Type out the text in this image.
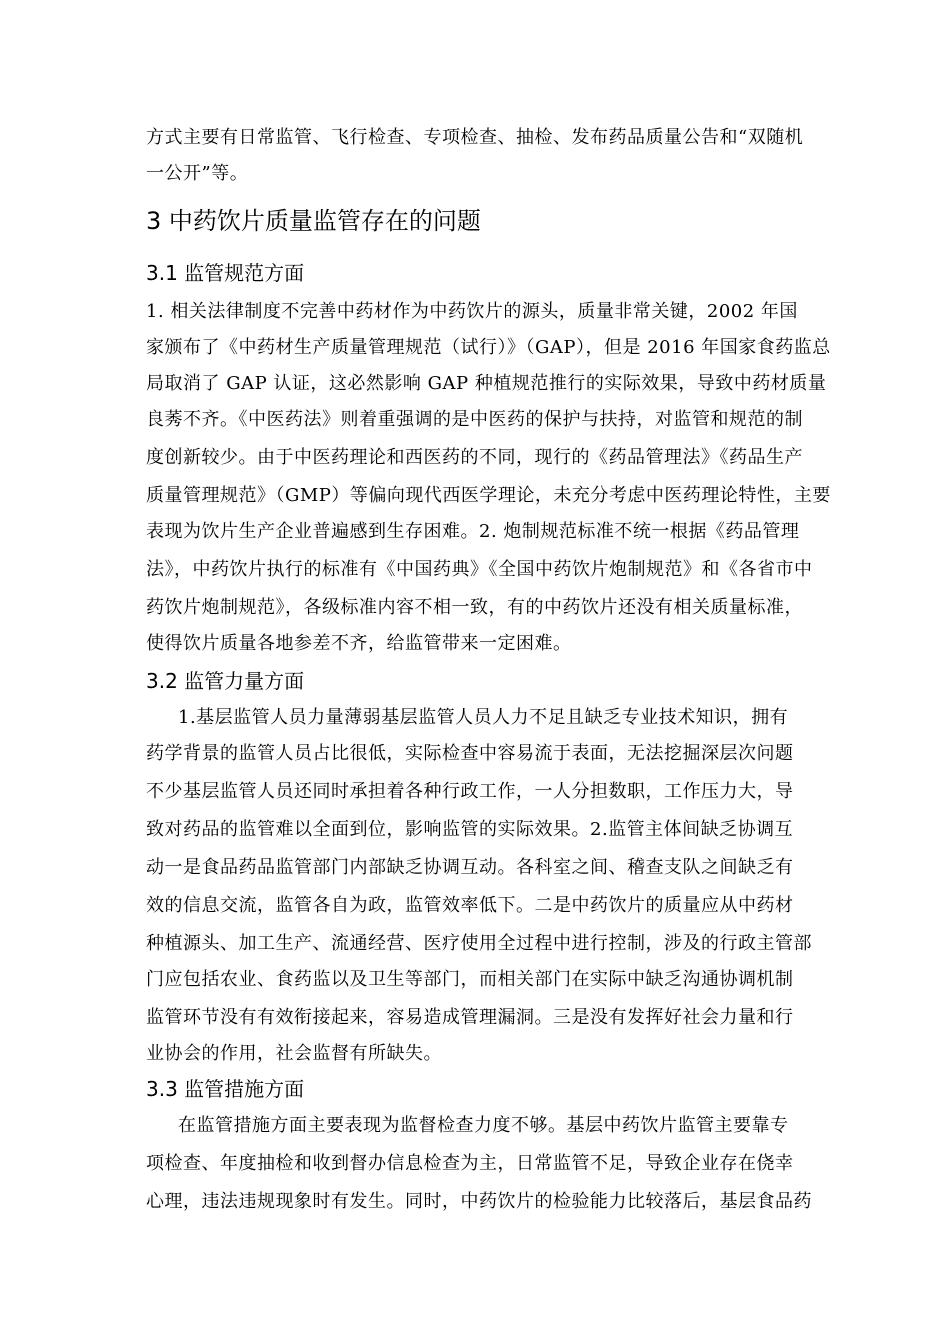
方式主要有日常监管、飞行检查、专项检查、抽检、发布药品质量公告和“双随机
一公开”等。
3 中药饮片质量监管存在的问题
3.1 监管规范方面
1. 相关法律制度不完善中药材作为中药饮片的源头，质量非常关键，2002 年国
家颁布了《中药材生产质量管理规范（试行）》（GAP），但是 2016 年国家食药监总
局取消了 GAP 认证，这必然影响 GAP 种植规范推行的实际效果，导致中药材质量
良莠不齐。《中医药法》则着重强调的是中医药的保护与扶持，对监管和规范的制
度创新较少。由于中医药理论和西医药的不同，现行的《药品管理法》《药品生产
质量管理规范》（GMP）等偏向现代西医学理论，未充分考虑中医药理论特性，主要
表现为饮片生产企业普遍感到生存困难。2. 炮制规范标准不统一根据《药品管理
法》，中药饮片执行的标准有《中国药典》《全国中药饮片炮制规范》和《各省市中
药饮片炮制规范》，各级标准内容不相一致，有的中药饮片还没有相关质量标准，
使得饮片质量各地参差不齐，给监管带来一定困难。
3.2 监管力量方面
1.基层监管人员力量薄弱基层监管人员人力不足且缺乏专业技术知识，拥有
药学背景的监管人员占比很低，实际检查中容易流于表面，无法挖掘深层次问题
不少基层监管人员还同时承担着各种行政工作，一人分担数职，工作压力大，导
致对药品的监管难以全面到位，影响监管的实际效果。2.监管主体间缺乏协调互
动一是食品药品监管部门内部缺乏协调互动。各科室之间、稽查支队之间缺乏有
效的信息交流，监管各自为政，监管效率低下。二是中药饮片的质量应从中药材
种植源头、加工生产、流通经营、医疗使用全过程中进行控制，涉及的行政主管部
门应包括农业、食药监以及卫生等部门，而相关部门在实际中缺乏沟通协调机制
监管环节没有有效衔接起来，容易造成管理漏洞。三是没有发挥好社会力量和行
业协会的作用，社会监督有所缺失。
3.3 监管措施方面
在监管措施方面主要表现为监督检查力度不够。基层中药饮片监管主要靠专
项检查、年度抽检和收到督办信息检查为主，日常监管不足，导致企业存在侥幸
心理，违法违规现象时有发生。同时，中药饮片的检验能力比较落后，基层食品药
